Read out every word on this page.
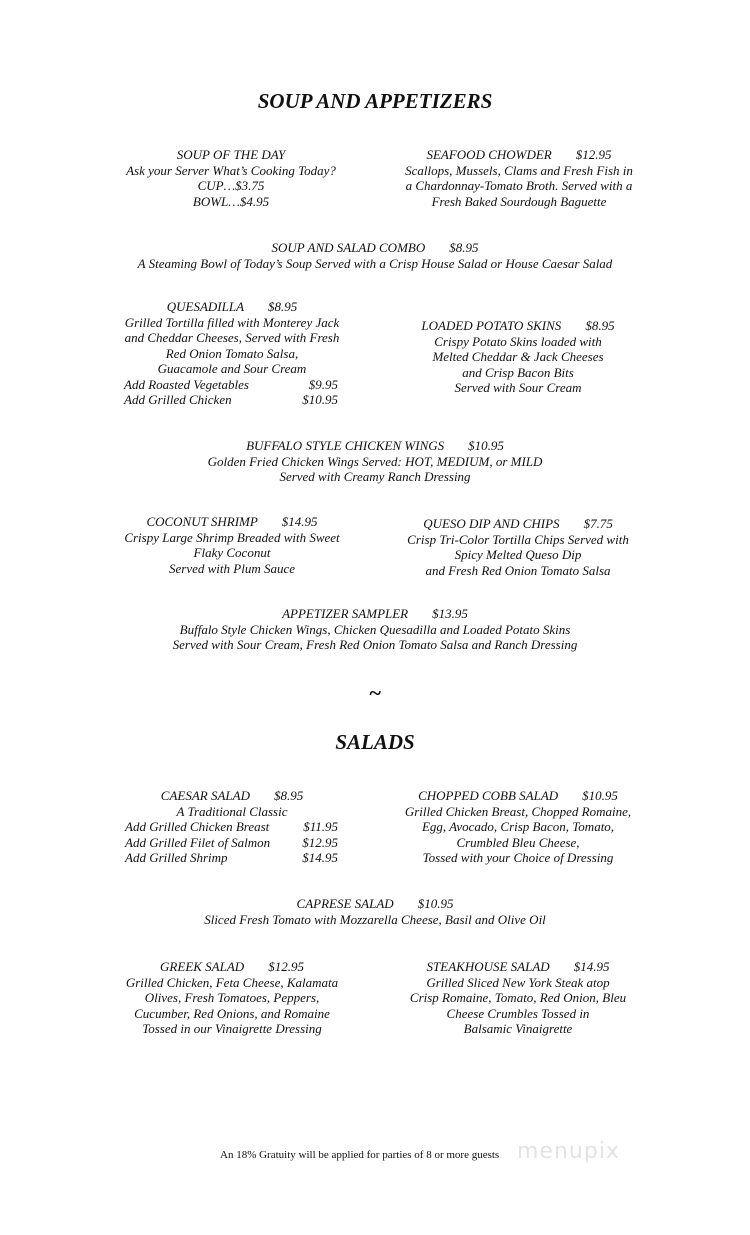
SOUP AND APPETIZERS
SOUP OF THE DAY
Ask your Server What’s Cooking Today?
CUP…$3.75
BOWL…$4.95
SEAFOOD CHOWDER $12.95
Scallops, Mussels, Clams and Fresh Fish in
a Chardonnay-Tomato Broth. Served with a
Fresh Baked Sourdough Baguette
SOUP AND SALAD COMBO $8.95
A Steaming Bowl of Today’s Soup Served with a Crisp House Salad or House Caesar Salad
QUESADILLA $8.95
Grilled Tortilla filled with Monterey Jack
and Cheddar Cheeses, Served with Fresh
Red Onion Tomato Salsa,
Guacamole and Sour Cream
Add Roasted Vegetables	$9.95
Add Grilled Chicken	$10.95
LOADED POTATO SKINS $8.95
Crispy Potato Skins loaded with
Melted Cheddar & Jack Cheeses
and Crisp Bacon Bits
Served with Sour Cream
BUFFALO STYLE CHICKEN WINGS $10.95
Golden Fried Chicken Wings Served: HOT, MEDIUM, or MILD
Served with Creamy Ranch Dressing
COCONUT SHRIMP $14.95
Crispy Large Shrimp Breaded with Sweet
Flaky Coconut
Served with Plum Sauce
QUESO DIP AND CHIPS $7.75
Crisp Tri-Color Tortilla Chips Served with
Spicy Melted Queso Dip
and Fresh Red Onion Tomato Salsa
APPETIZER SAMPLER $13.95
Buffalo Style Chicken Wings, Chicken Quesadilla and Loaded Potato Skins
Served with Sour Cream, Fresh Red Onion Tomato Salsa and Ranch Dressing
~
SALADS
CAESAR SALAD $8.95
A Traditional Classic
Add Grilled Chicken Breast	$11.95
Add Grilled Filet of Salmon $12.95
Add Grilled Shrimp	$14.95
CHOPPED COBB SALAD $10.95
Grilled Chicken Breast, Chopped Romaine,
Egg, Avocado, Crisp Bacon, Tomato,
Crumbled Bleu Cheese,
Tossed with your Choice of Dressing
CAPRESE SALAD $10.95
Sliced Fresh Tomato with Mozzarella Cheese, Basil and Olive Oil
GREEK SALAD $12.95
Grilled Chicken, Feta Cheese, Kalamata
Olives, Fresh Tomatoes, Peppers,
Cucumber, Red Onions, and Romaine
Tossed in our Vinaigrette Dressing
STEAKHOUSE SALAD $14.95
Grilled Sliced New York Steak atop
Crisp Romaine, Tomato, Red Onion, Bleu
Cheese Crumbles Tossed in
Balsamic Vinaigrette
An 18% Gratuity will be applied for parties of 8 or more guests menupix
